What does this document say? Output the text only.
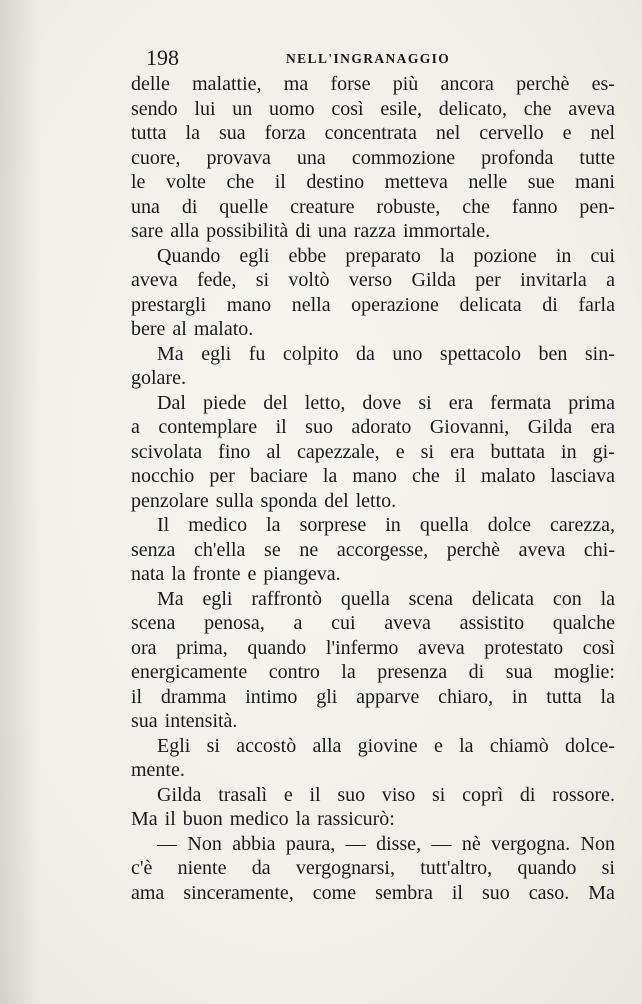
198	NELL'INGRANAGGIO
delle malattie, ma forse più ancora perchè es-
sendo lui un uomo così esile, delicato, che aveva
tutta la sua forza concentrata nel cervello e nel
cuore, provava una commozione profonda tutte
le volte che il destino metteva nelle sue mani
una di quelle creature robuste, che fanno pen-
sare alla possibilità di una razza immortale.
Quando egli ebbe preparato la pozione in cui
aveva fede, si voltò verso Gilda per invitarla a
prestargli mano nella operazione delicata di farla
bere al malato.
Ma egli fu colpito da uno spettacolo ben sin-
golare.
Dal piede del letto, dove si era fermata prima
a contemplare il suo adorato Giovanni, Gilda era
scivolata fino al capezzale, e si era buttata in gi-
nocchio per baciare la mano che il malato lasciava
penzolare sulla sponda del letto.
Il medico la sorprese in quella dolce carezza,
senza ch'ella se ne accorgesse, perchè aveva chi-
nata la fronte e piangeva.
Ma egli raffrontò quella scena delicata con la
scena penosa, a cui aveva assistito qualche
ora prima, quando l'infermo aveva protestato così
energicamente contro la presenza di sua moglie:
il dramma intimo gli apparve chiaro, in tutta la
sua intensità.
Egli si accostò alla giovine e la chiamò dolce-
mente.
Gilda trasalì e il suo viso si coprì di rossore.
Ma il buon medico la rassicurò:
— Non abbia paura, — disse, — nè vergogna. Non
c'è niente da vergognarsi, tutt'altro, quando si
ama sinceramente, come sembra il suo caso. Ma
